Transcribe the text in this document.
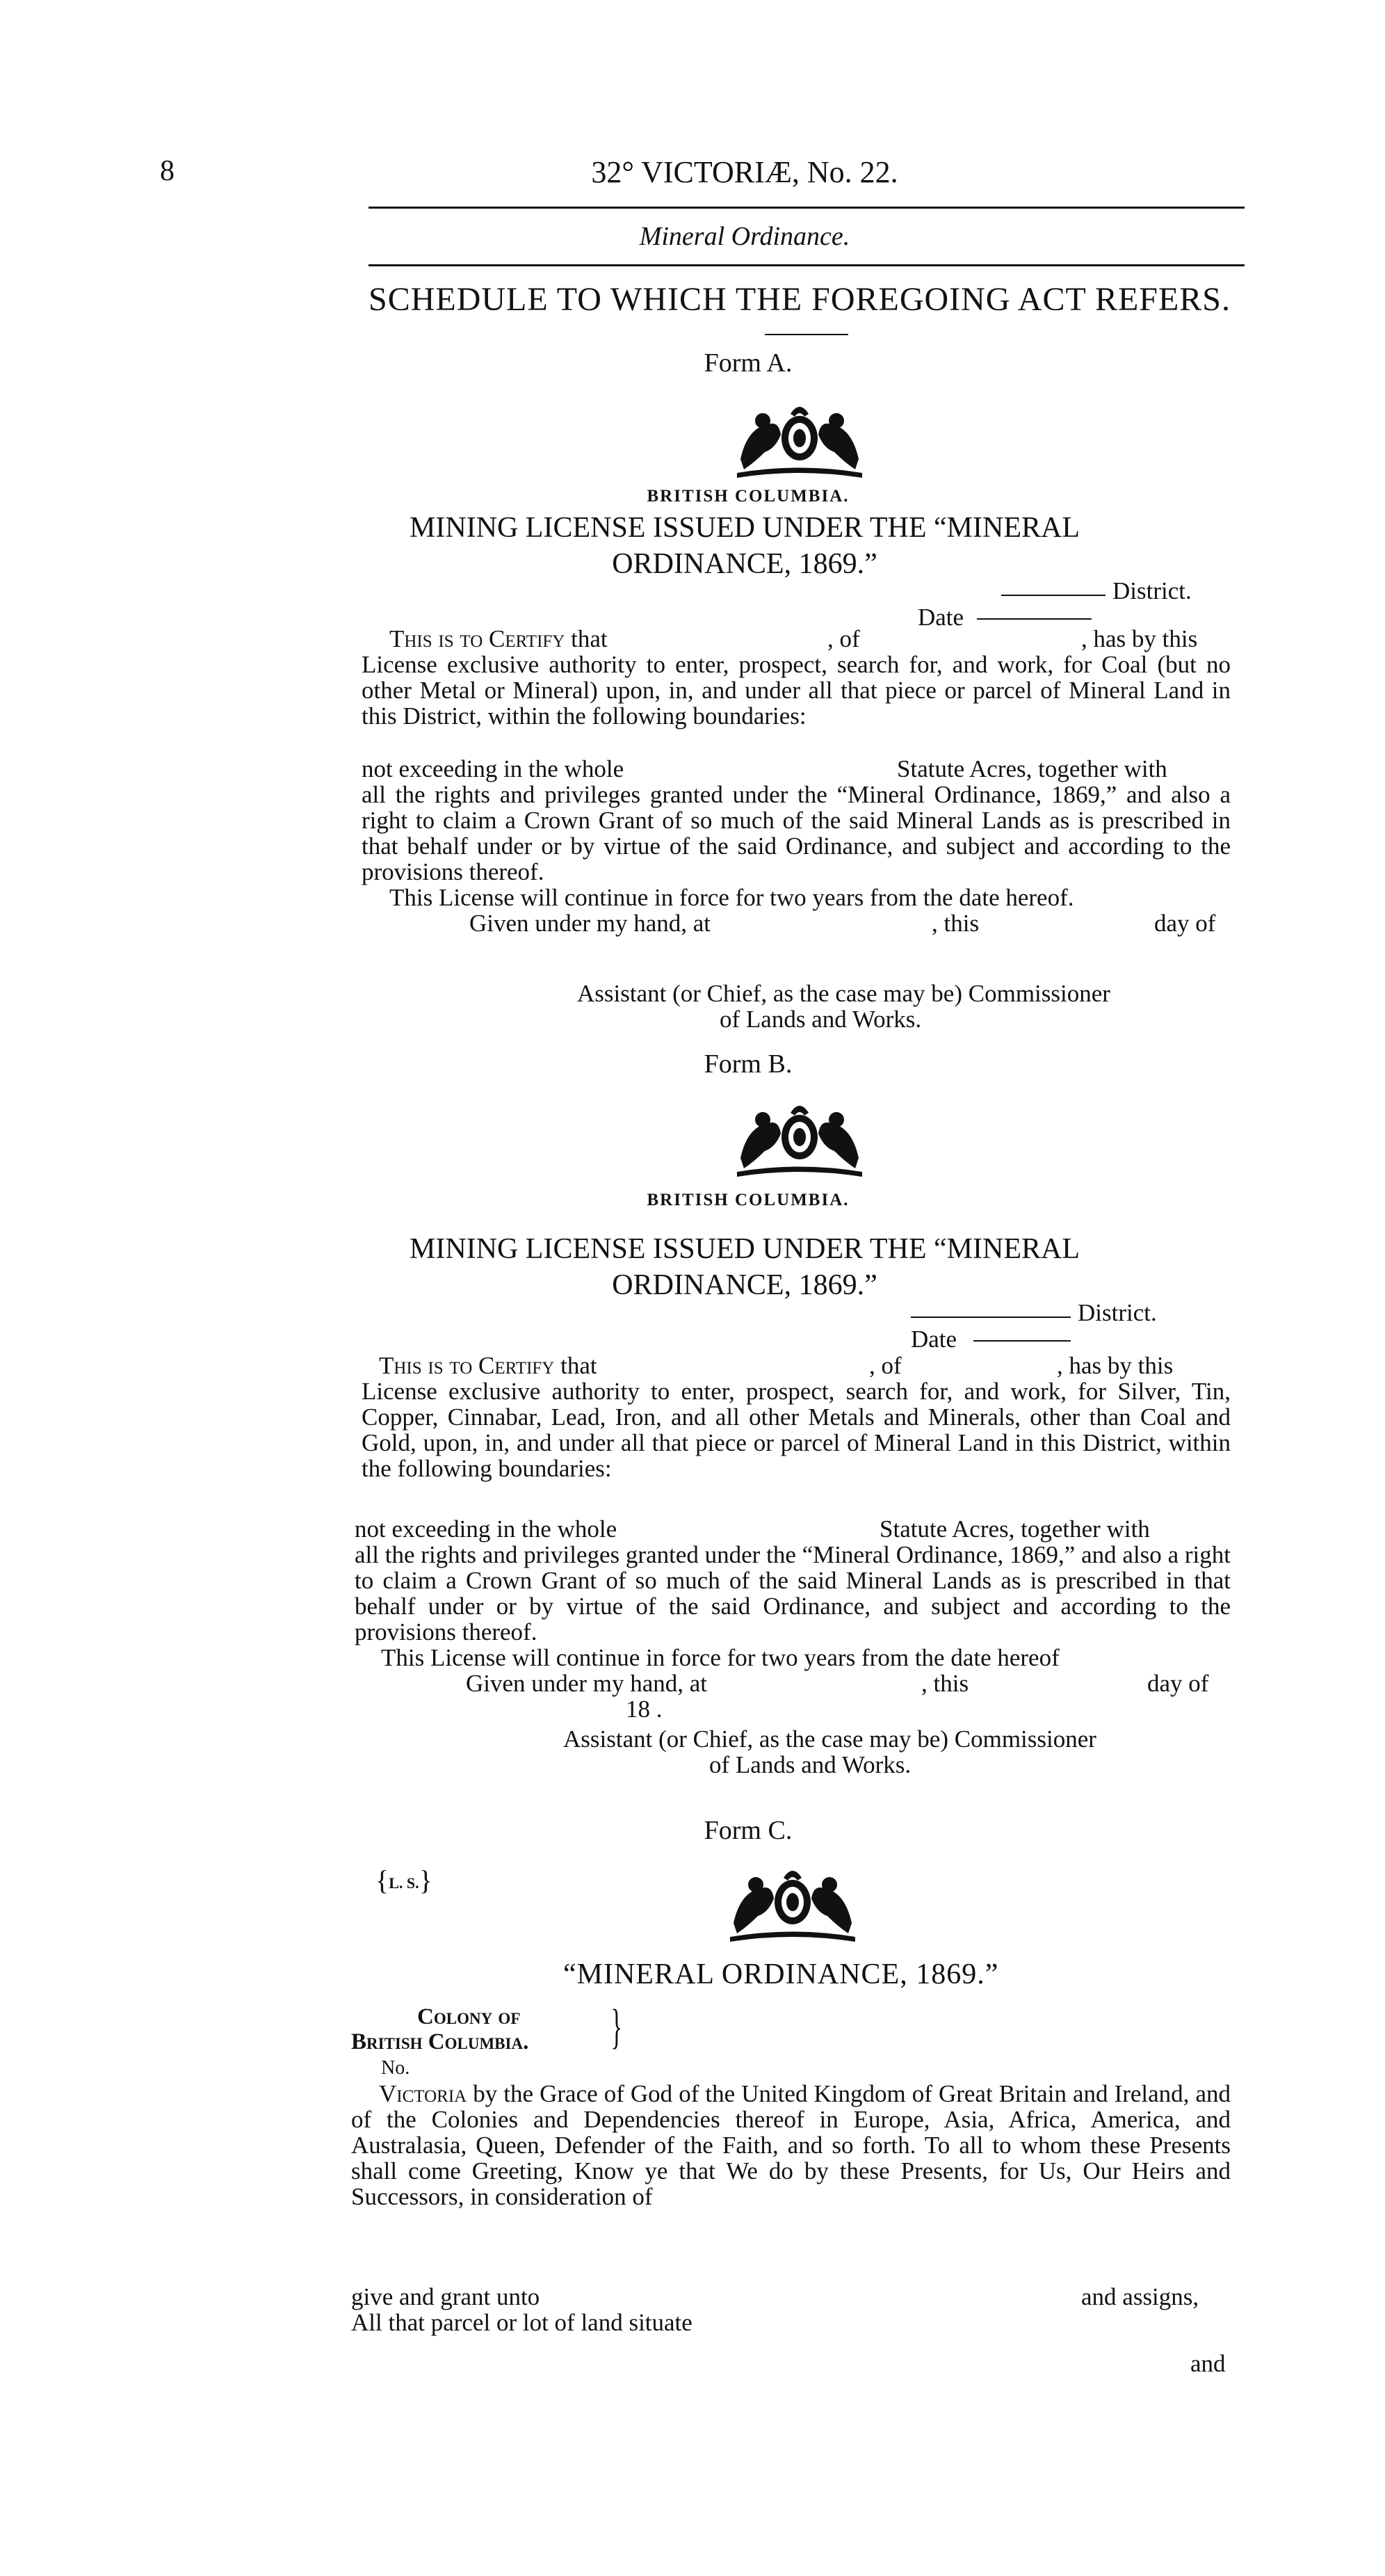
8	32° VICTORIÆ, No. 22.
Mineral Ordinance.
SCHEDULE TO WHICH THE FOREGOING ACT REFERS.
Form A.
BRITISH COLUMBIA.
MINING LICENSE ISSUED UNDER THE “MINERAL
ORDINANCE, 1869.”
District.
Date
This is to Certify that	, of	, has by this
License exclusive authority to enter, prospect, search for, and work, for Coal (but no other Metal or Mineral) upon, in, and under all that piece or parcel of Mineral Land in this District, within the following boundaries:
not exceeding in the whole	Statute Acres, together with
all the rights and privileges granted under the “Mineral Ordinance, 1869,” and also a right to claim a Crown Grant of so much of the said Mineral Lands as is prescribed in that behalf under or by virtue of the said Ordinance, and subject and according to the provisions thereof.
This License will continue in force for two years from the date hereof.
Given under my hand, at	, this	day of
Assistant (or Chief, as the case may be) Commissioner
of Lands and Works.
Form B.
BRITISH COLUMBIA.
MINING LICENSE ISSUED UNDER THE “MINERAL
ORDINANCE, 1869.”
District.
Date
This is to Certify that	, of	, has by this
License exclusive authority to enter, prospect, search for, and work, for Silver, Tin, Copper, Cinnabar, Lead, Iron, and all other Metals and Minerals, other than Coal and Gold, upon, in, and under all that piece or parcel of Mineral Land in this District, within the following boundaries:
not exceeding in the whole	Statute Acres, together with
all the rights and privileges granted under the “Mineral Ordinance, 1869,” and also a right to claim a Crown Grant of so much of the said Mineral Lands as is prescribed in that behalf under or by virtue of the said Ordinance, and subject and according to the provisions thereof.
This License will continue in force for two years from the date hereof
Given under my hand, at	, this	day of
18 .
Assistant (or Chief, as the case may be) Commissioner
of Lands and Works.
Form C.
{L. S.}
“MINERAL ORDINANCE, 1869.”
Colony of
British Columbia. }
No.
Victoria by the Grace of God of the United Kingdom of Great Britain and Ireland, and of the Colonies and Dependencies thereof in Europe, Asia, Africa, America, and Australasia, Queen, Defender of the Faith, and so forth. To all to whom these Presents shall come Greeting, Know ye that We do by these Presents, for Us, Our Heirs and Successors, in consideration of
give and grant unto	and assigns,
All that parcel or lot of land situate
and
